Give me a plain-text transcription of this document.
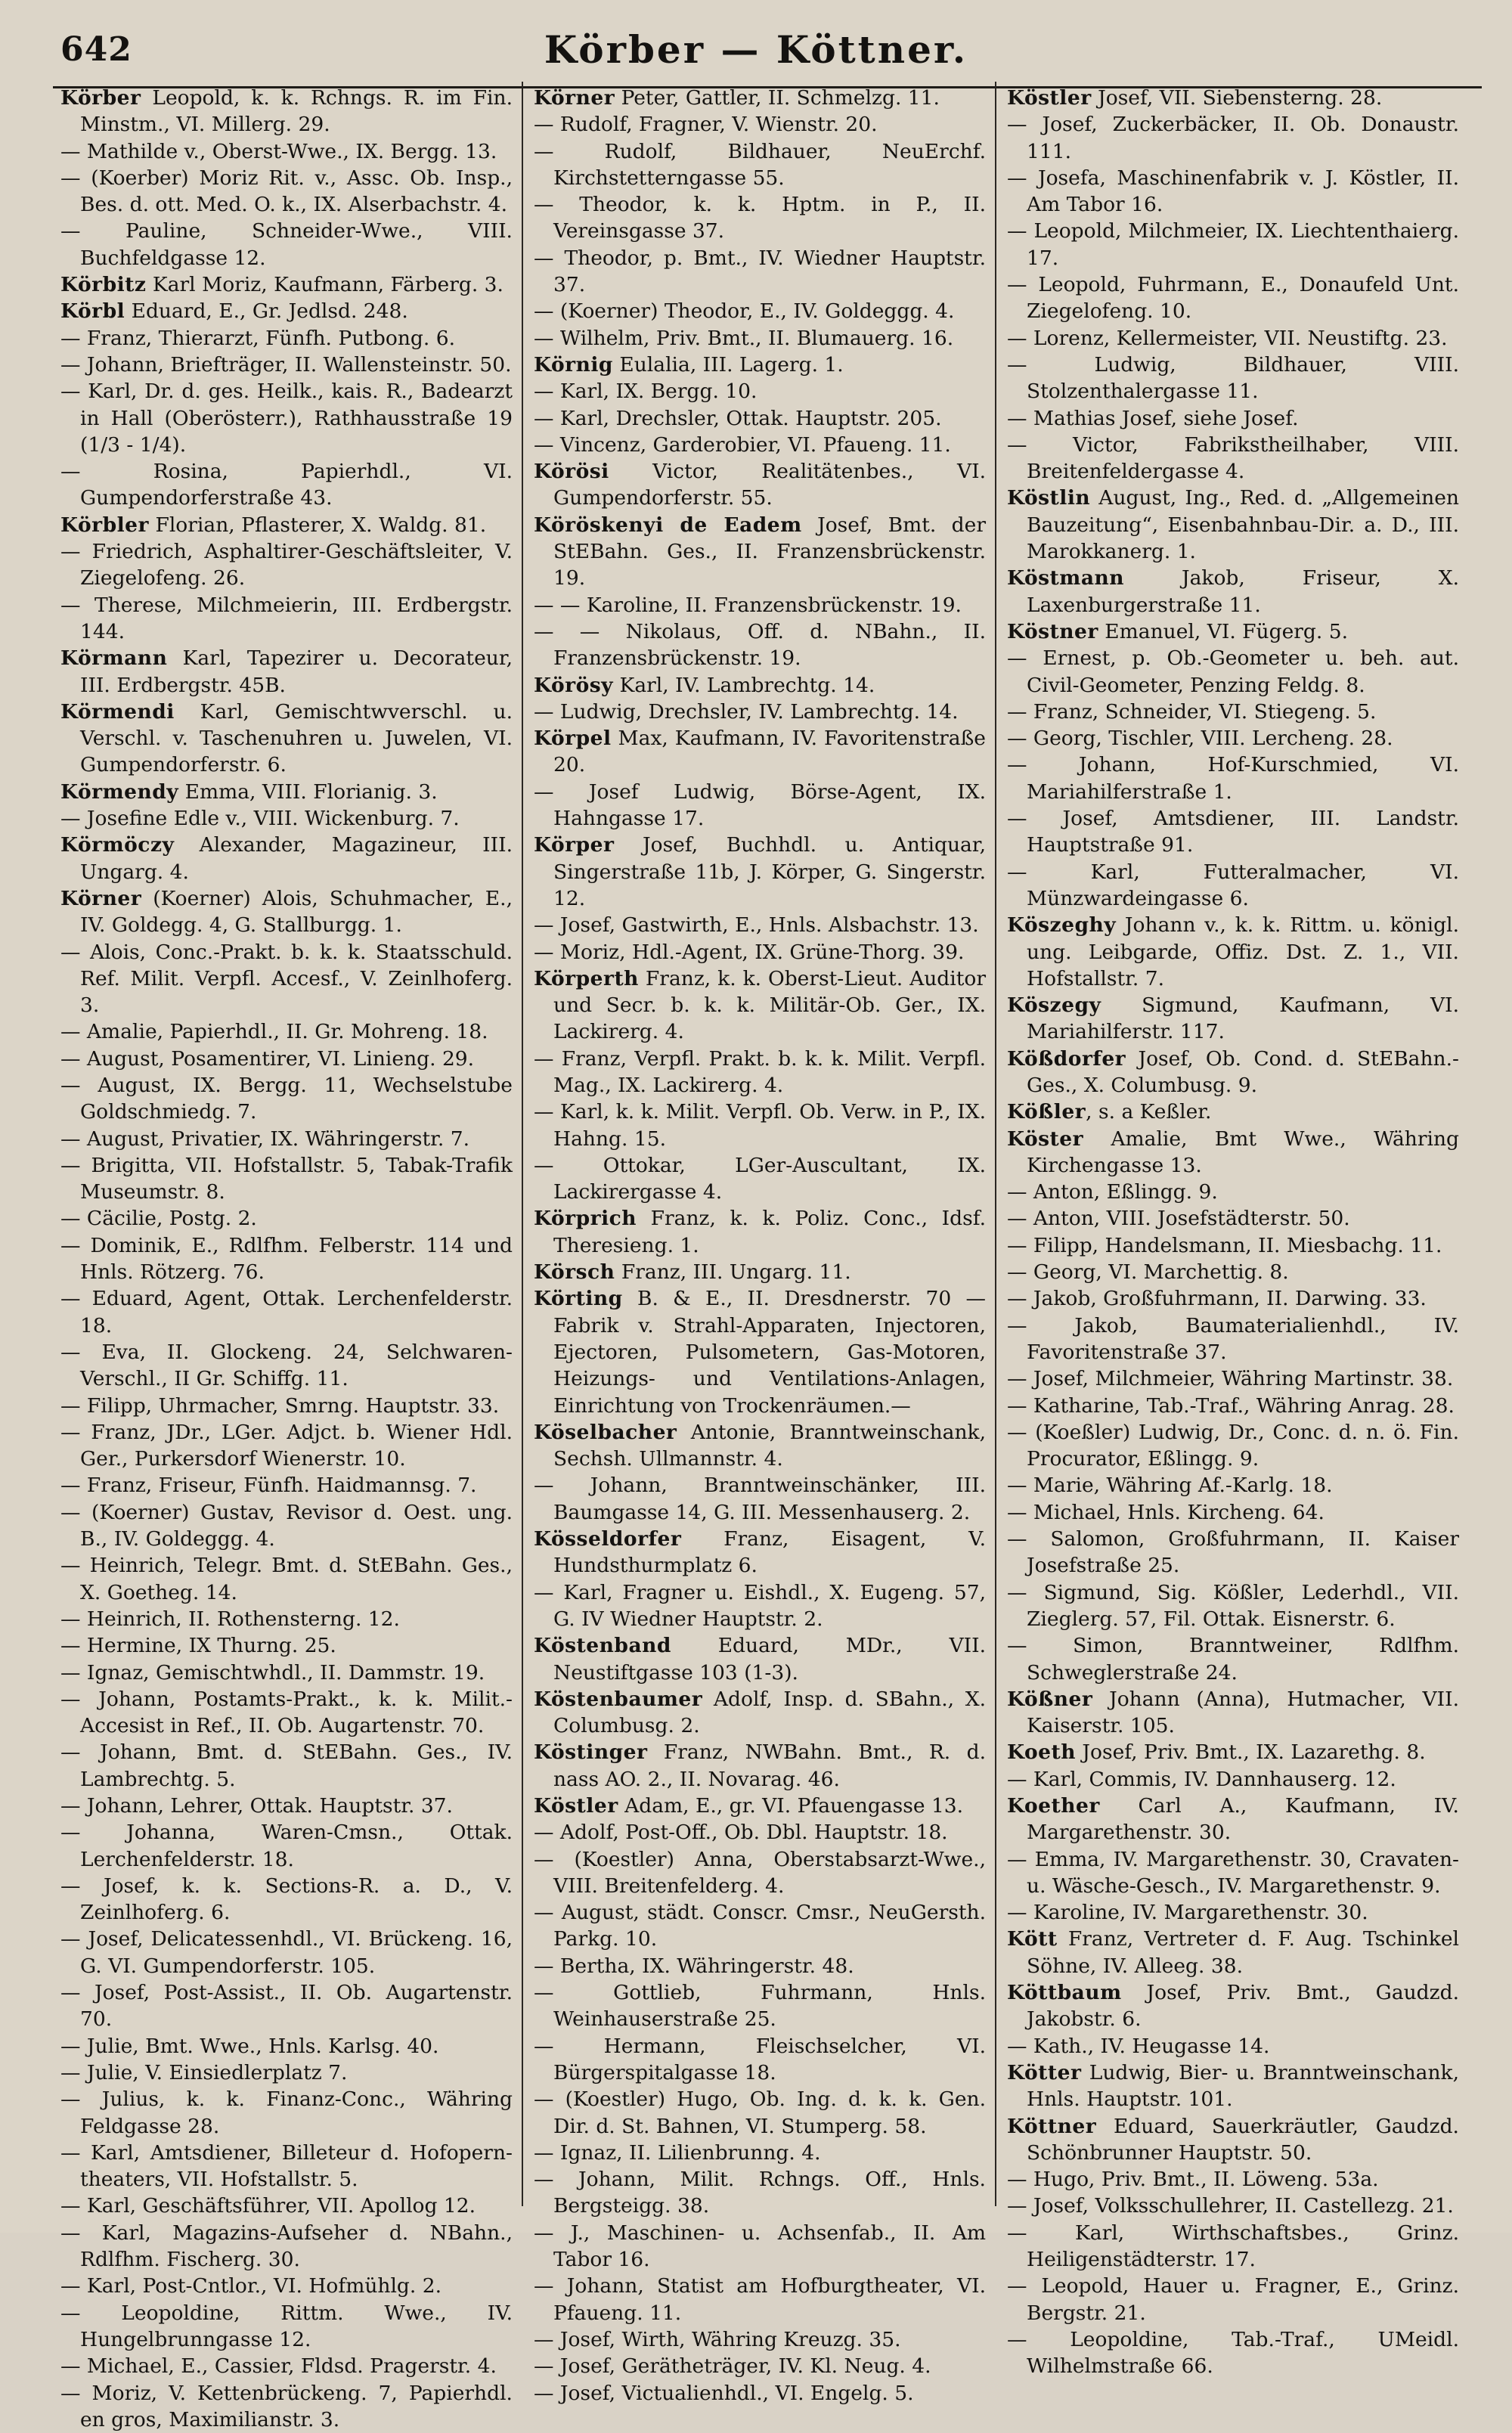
642	Körber — Köttner.
Körber Leopold, k. k. Rchngs. R. im Fin. Minstm., VI. Millerg. 29.
— Mathilde v., Oberst-Wwe., IX. Bergg. 13.
— (Koerber) Moriz Rit. v., Assc. Ob. Insp., Bes. d. ott. Med. O. k., IX. Alserbachstr. 4.
— Pauline, Schneider-Wwe., VIII. Buchfeldgasse 12.
Körbitz Karl Moriz, Kaufmann, Färberg. 3.
Körbl Eduard, E., Gr. Jedlsd. 248.
— Franz, Thierarzt, Fünfh. Putbong. 6.
— Johann, Briefträger, II. Wallensteinstr. 50.
— Karl, Dr. d. ges. Heilk., kais. R., Badearzt in Hall (Oberösterr.), Rathhausstraße 19 (1/3 - 1/4).
— Rosina, Papierhdl., VI. Gumpendorferstraße 43.
Körbler Florian, Pflasterer, X. Waldg. 81.
— Friedrich, Asphaltirer-Geschäftsleiter, V. Ziegelofeng. 26.
— Therese, Milchmeierin, III. Erdbergstr. 144.
Körmann Karl, Tapezirer u. Decorateur, III. Erdbergstr. 45B.
Körmendi Karl, Gemischtwverschl. u. Verschl. v. Taschenuhren u. Juwelen, VI. Gumpendorferstr. 6.
Körmendy Emma, VIII. Florianig. 3.
— Josefine Edle v., VIII. Wickenburg. 7.
Körmöczy Alexander, Magazineur, III. Ungarg. 4.
Körner (Koerner) Alois, Schuhmacher, E., IV. Goldegg. 4, G. Stallburgg. 1.
— Alois, Conc.-Prakt. b. k. k. Staatsschuld. Ref. Milit. Verpfl. Accesf., V. Zeinlhoferg. 3.
— Amalie, Papierhdl., II. Gr. Mohreng. 18.
— August, Posamentirer, VI. Linieng. 29.
— August, IX. Bergg. 11, Wechselstube Goldschmiedg. 7.
— August, Privatier, IX. Währingerstr. 7.
— Brigitta, VII. Hofstallstr. 5, Tabak-Trafik Museumstr. 8.
— Cäcilie, Postg. 2.
— Dominik, E., Rdlfhm. Felberstr. 114 und Hnls. Rötzerg. 76.
— Eduard, Agent, Ottak. Lerchenfelderstr. 18.
— Eva, II. Glockeng. 24, Selchwaren-Verschl., II Gr. Schiffg. 11.
— Filipp, Uhrmacher, Smrng. Hauptstr. 33.
— Franz, JDr., LGer. Adjct. b. Wiener Hdl. Ger., Purkersdorf Wienerstr. 10.
— Franz, Friseur, Fünfh. Haidmannsg. 7.
— (Koerner) Gustav, Revisor d. Oest. ung. B., IV. Goldeggg. 4.
— Heinrich, Telegr. Bmt. d. StEBahn. Ges., X. Goetheg. 14.
— Heinrich, II. Rothensterng. 12.
— Hermine, IX Thurng. 25.
— Ignaz, Gemischtwhdl., II. Dammstr. 19.
— Johann, Postamts-Prakt., k. k. Milit.-Accesist in Ref., II. Ob. Augartenstr. 70.
— Johann, Bmt. d. StEBahn. Ges., IV. Lambrechtg. 5.
— Johann, Lehrer, Ottak. Hauptstr. 37.
— Johanna, Waren-Cmsn., Ottak. Lerchenfelderstr. 18.
— Josef, k. k. Sections-R. a. D., V. Zeinlhoferg. 6.
— Josef, Delicatessenhdl., VI. Brückeng. 16, G. VI. Gumpendorferstr. 105.
— Josef, Post-Assist., II. Ob. Augartenstr. 70.
— Julie, Bmt. Wwe., Hnls. Karlsg. 40.
— Julie, V. Einsiedlerplatz 7.
— Julius, k. k. Finanz-Conc., Währing Feldgasse 28.
— Karl, Amtsdiener, Billeteur d. Hofopern-theaters, VII. Hofstallstr. 5.
— Karl, Geschäftsführer, VII. Apollog 12.
— Karl, Magazins-Aufseher d. NBahn., Rdlfhm. Fischerg. 30.
— Karl, Post-Cntlor., VI. Hofmühlg. 2.
— Leopoldine, Rittm. Wwe., IV. Hungelbrunngasse 12.
— Michael, E., Cassier, Fldsd. Pragerstr. 4.
— Moriz, V. Kettenbrückeng. 7, Papierhdl. en gros, Maximilianstr. 3.
Körner Peter, Gattler, II. Schmelzg. 11.
— Rudolf, Fragner, V. Wienstr. 20.
— Rudolf, Bildhauer, NeuErchf. Kirchstetterngasse 55.
— Theodor, k. k. Hptm. in P., II. Vereinsgasse 37.
— Theodor, p. Bmt., IV. Wiedner Hauptstr. 37.
— (Koerner) Theodor, E., IV. Goldeggg. 4.
— Wilhelm, Priv. Bmt., II. Blumauerg. 16.
Körnig Eulalia, III. Lagerg. 1.
— Karl, IX. Bergg. 10.
— Karl, Drechsler, Ottak. Hauptstr. 205.
— Vincenz, Garderobier, VI. Pfaueng. 11.
Körösi Victor, Realitätenbes., VI. Gumpendorferstr. 55.
Köröskenyi de Eadem Josef, Bmt. der StEBahn. Ges., II. Franzensbrückenstr. 19.
— — Karoline, II. Franzensbrückenstr. 19.
— — Nikolaus, Off. d. NBahn., II. Franzensbrückenstr. 19.
Körösy Karl, IV. Lambrechtg. 14.
— Ludwig, Drechsler, IV. Lambrechtg. 14.
Körpel Max, Kaufmann, IV. Favoritenstraße 20.
— Josef Ludwig, Börse-Agent, IX. Hahngasse 17.
Körper Josef, Buchhdl. u. Antiquar, Singerstraße 11b, J. Körper, G. Singerstr. 12.
— Josef, Gastwirth, E., Hnls. Alsbachstr. 13.
— Moriz, Hdl.-Agent, IX. Grüne-Thorg. 39.
Körperth Franz, k. k. Oberst-Lieut. Auditor und Secr. b. k. k. Militär-Ob. Ger., IX. Lackirerg. 4.
— Franz, Verpfl. Prakt. b. k. k. Milit. Verpfl. Mag., IX. Lackirerg. 4.
— Karl, k. k. Milit. Verpfl. Ob. Verw. in P., IX. Hahng. 15.
— Ottokar, LGer-Auscultant, IX. Lackirergasse 4.
Körprich Franz, k. k. Poliz. Conc., Idsf. Theresieng. 1.
Körsch Franz, III. Ungarg. 11.
Körting B. & E., II. Dresdnerstr. 70 —Fabrik v. Strahl-Apparaten, Injectoren, Ejectoren, Pulsometern, Gas-Motoren, Heizungs- und Ventilations-Anlagen, Einrichtung von Trockenräumen.—
Köselbacher Antonie, Branntweinschank, Sechsh. Ullmannstr. 4.
— Johann, Branntweinschänker, III. Baumgasse 14, G. III. Messenhauserg. 2.
Kösseldorfer Franz, Eisagent, V. Hundsthurmplatz 6.
— Karl, Fragner u. Eishdl., X. Eugeng. 57, G. IV Wiedner Hauptstr. 2.
Köstenband Eduard, MDr., VII. Neustiftgasse 103 (1-3).
Köstenbaumer Adolf, Insp. d. SBahn., X. Columbusg. 2.
Köstinger Franz, NWBahn. Bmt., R. d. nass AO. 2., II. Novarag. 46.
Köstler Adam, E., gr. VI. Pfauengasse 13.
— Adolf, Post-Off., Ob. Dbl. Hauptstr. 18.
— (Koestler) Anna, Oberstabsarzt-Wwe., VIII. Breitenfelderg. 4.
— August, städt. Conscr. Cmsr., NeuGersth. Parkg. 10.
— Bertha, IX. Währingerstr. 48.
— Gottlieb, Fuhrmann, Hnls. Weinhauserstraße 25.
— Hermann, Fleischselcher, VI. Bürgerspitalgasse 18.
— (Koestler) Hugo, Ob. Ing. d. k. k. Gen. Dir. d. St. Bahnen, VI. Stumperg. 58.
— Ignaz, II. Lilienbrunng. 4.
— Johann, Milit. Rchngs. Off., Hnls. Bergsteigg. 38.
— J., Maschinen- u. Achsenfab., II. Am Tabor 16.
— Johann, Statist am Hofburgtheater, VI. Pfaueng. 11.
— Josef, Wirth, Währing Kreuzg. 35.
— Josef, Gerätheträger, IV. Kl. Neug. 4.
— Josef, Victualienhdl., VI. Engelg. 5.
Köstler Josef, VII. Siebensterng. 28.
— Josef, Zuckerbäcker, II. Ob. Donaustr. 111.
— Josefa, Maschinenfabrik v. J. Köstler, II. Am Tabor 16.
— Leopold, Milchmeier, IX. Liechtenthaierg. 17.
— Leopold, Fuhrmann, E., Donaufeld Unt. Ziegelofeng. 10.
— Lorenz, Kellermeister, VII. Neustiftg. 23.
— Ludwig, Bildhauer, VIII. Stolzenthalergasse 11.
— Mathias Josef, siehe Josef.
— Victor, Fabrikstheilhaber, VIII. Breitenfeldergasse 4.
Köstlin August, Ing., Red. d. „Allgemeinen Bauzeitung“, Eisenbahnbau-Dir. a. D., III. Marokkanerg. 1.
Köstmann Jakob, Friseur, X. Laxenburgerstraße 11.
Köstner Emanuel, VI. Fügerg. 5.
— Ernest, p. Ob.-Geometer u. beh. aut. Civil-Geometer, Penzing Feldg. 8.
— Franz, Schneider, VI. Stiegeng. 5.
— Georg, Tischler, VIII. Lercheng. 28.
— Johann, Hof-Kurschmied, VI. Mariahilferstraße 1.
— Josef, Amtsdiener, III. Landstr. Hauptstraße 91.
— Karl, Futteralmacher, VI. Münzwardeingasse 6.
Köszeghy Johann v., k. k. Rittm. u. königl. ung. Leibgarde, Offiz. Dst. Z. 1., VII. Hofstallstr. 7.
Köszegy Sigmund, Kaufmann, VI. Mariahilferstr. 117.
Kößdorfer Josef, Ob. Cond. d. StEBahn.-Ges., X. Columbusg. 9.
Kößler, s. a Keßler.
Köster Amalie, Bmt Wwe., Währing Kirchengasse 13.
— Anton, Eßlingg. 9.
— Anton, VIII. Josefstädterstr. 50.
— Filipp, Handelsmann, II. Miesbachg. 11.
— Georg, VI. Marchettig. 8.
— Jakob, Großfuhrmann, II. Darwing. 33.
— Jakob, Baumaterialienhdl., IV. Favoritenstraße 37.
— Josef, Milchmeier, Währing Martinstr. 38.
— Katharine, Tab.-Traf., Währing Anrag. 28.
— (Koeßler) Ludwig, Dr., Conc. d. n. ö. Fin. Procurator, Eßlingg. 9.
— Marie, Währing Af.-Karlg. 18.
— Michael, Hnls. Kircheng. 64.
— Salomon, Großfuhrmann, II. Kaiser Josefstraße 25.
— Sigmund, Sig. Kößler, Lederhdl., VII. Zieglerg. 57, Fil. Ottak. Eisnerstr. 6.
— Simon, Branntweiner, Rdlfhm. Schweglerstraße 24.
Kößner Johann (Anna), Hutmacher, VII. Kaiserstr. 105.
Koeth Josef, Priv. Bmt., IX. Lazarethg. 8.
— Karl, Commis, IV. Dannhauserg. 12.
Koether Carl A., Kaufmann, IV. Margarethenstr. 30.
— Emma, IV. Margarethenstr. 30, Cravaten- u. Wäsche-Gesch., IV. Margarethenstr. 9.
— Karoline, IV. Margarethenstr. 30.
Kött Franz, Vertreter d. F. Aug. Tschinkel Söhne, IV. Alleeg. 38.
Köttbaum Josef, Priv. Bmt., Gaudzd. Jakobstr. 6.
— Kath., IV. Heugasse 14.
Kötter Ludwig, Bier- u. Branntweinschank, Hnls. Hauptstr. 101.
Köttner Eduard, Sauerkräutler, Gaudzd. Schönbrunner Hauptstr. 50.
— Hugo, Priv. Bmt., II. Löweng. 53a.
— Josef, Volksschullehrer, II. Castellezg. 21.
— Karl, Wirthschaftsbes., Grinz. Heiligenstädterstr. 17.
— Leopold, Hauer u. Fragner, E., Grinz. Bergstr. 21.
— Leopoldine, Tab.-Traf., UMeidl. Wilhelmstraße 66.
